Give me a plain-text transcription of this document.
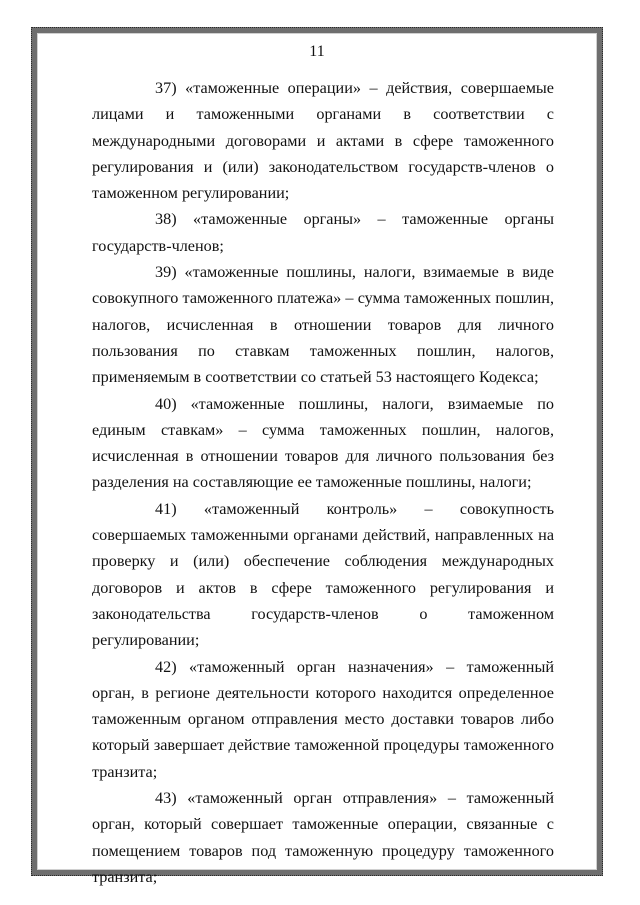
11

37) «таможенные операции» – действия, совершаемые лицами и таможенными органами в соответствии с международными договорами и актами в сфере таможенного регулирования и (или) законодательством государств-членов о таможенном регулировании;

38) «таможенные органы» – таможенные органы государств-членов;

39) «таможенные пошлины, налоги, взимаемые в виде совокупного таможенного платежа» – сумма таможенных пошлин, налогов, исчисленная в отношении товаров для личного пользования по ставкам таможенных пошлин, налогов, применяемым в соответствии со статьей 53 настоящего Кодекса;

40) «таможенные пошлины, налоги, взимаемые по единым ставкам» – сумма таможенных пошлин, налогов, исчисленная в отношении товаров для личного пользования без разделения на составляющие ее таможенные пошлины, налоги;

41) «таможенный контроль» – совокупность совершаемых таможенными органами действий, направленных на проверку и (или) обеспечение соблюдения международных договоров и актов в сфере таможенного регулирования и законодательства государств-членов о таможенном регулировании;

42) «таможенный орган назначения» – таможенный орган, в регионе деятельности которого находится определенное таможенным органом отправления место доставки товаров либо который завершает действие таможенной процедуры таможенного транзита;

43) «таможенный орган отправления» – таможенный орган, который совершает таможенные операции, связанные с помещением товаров под таможенную процедуру таможенного транзита;
